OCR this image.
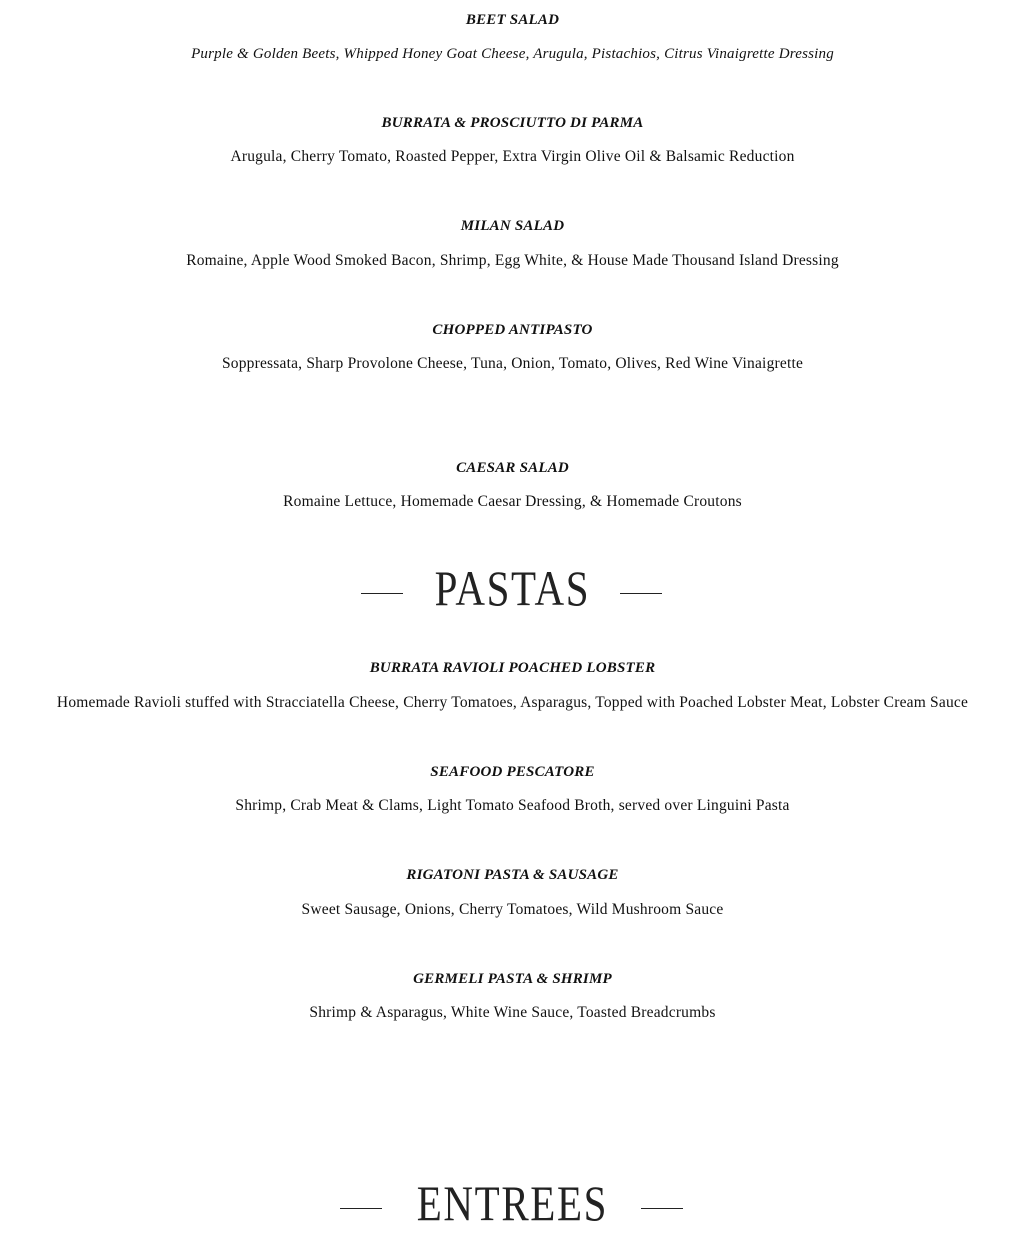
BEET SALAD
Purple & Golden Beets, Whipped Honey Goat Cheese, Arugula, Pistachios, Citrus Vinaigrette Dressing
BURRATA & PROSCIUTTO DI PARMA
Arugula, Cherry Tomato, Roasted Pepper, Extra Virgin Olive Oil & Balsamic Reduction
MILAN SALAD
Romaine, Apple Wood Smoked Bacon, Shrimp, Egg White, & House Made Thousand Island Dressing
CHOPPED ANTIPASTO
Soppressata, Sharp Provolone Cheese, Tuna, Onion, Tomato, Olives, Red Wine Vinaigrette
CAESAR SALAD
Romaine Lettuce, Homemade Caesar Dressing, & Homemade Croutons
PASTAS
BURRATA RAVIOLI POACHED LOBSTER
Homemade Ravioli stuffed with Stracciatella Cheese, Cherry Tomatoes, Asparagus, Topped with Poached Lobster Meat, Lobster Cream Sauce
SEAFOOD PESCATORE
Shrimp, Crab Meat & Clams, Light Tomato Seafood Broth, served over Linguini Pasta
RIGATONI PASTA & SAUSAGE
Sweet Sausage, Onions, Cherry Tomatoes, Wild Mushroom Sauce
GERMELI PASTA & SHRIMP
Shrimp & Asparagus, White Wine Sauce, Toasted Breadcrumbs
ENTREES
